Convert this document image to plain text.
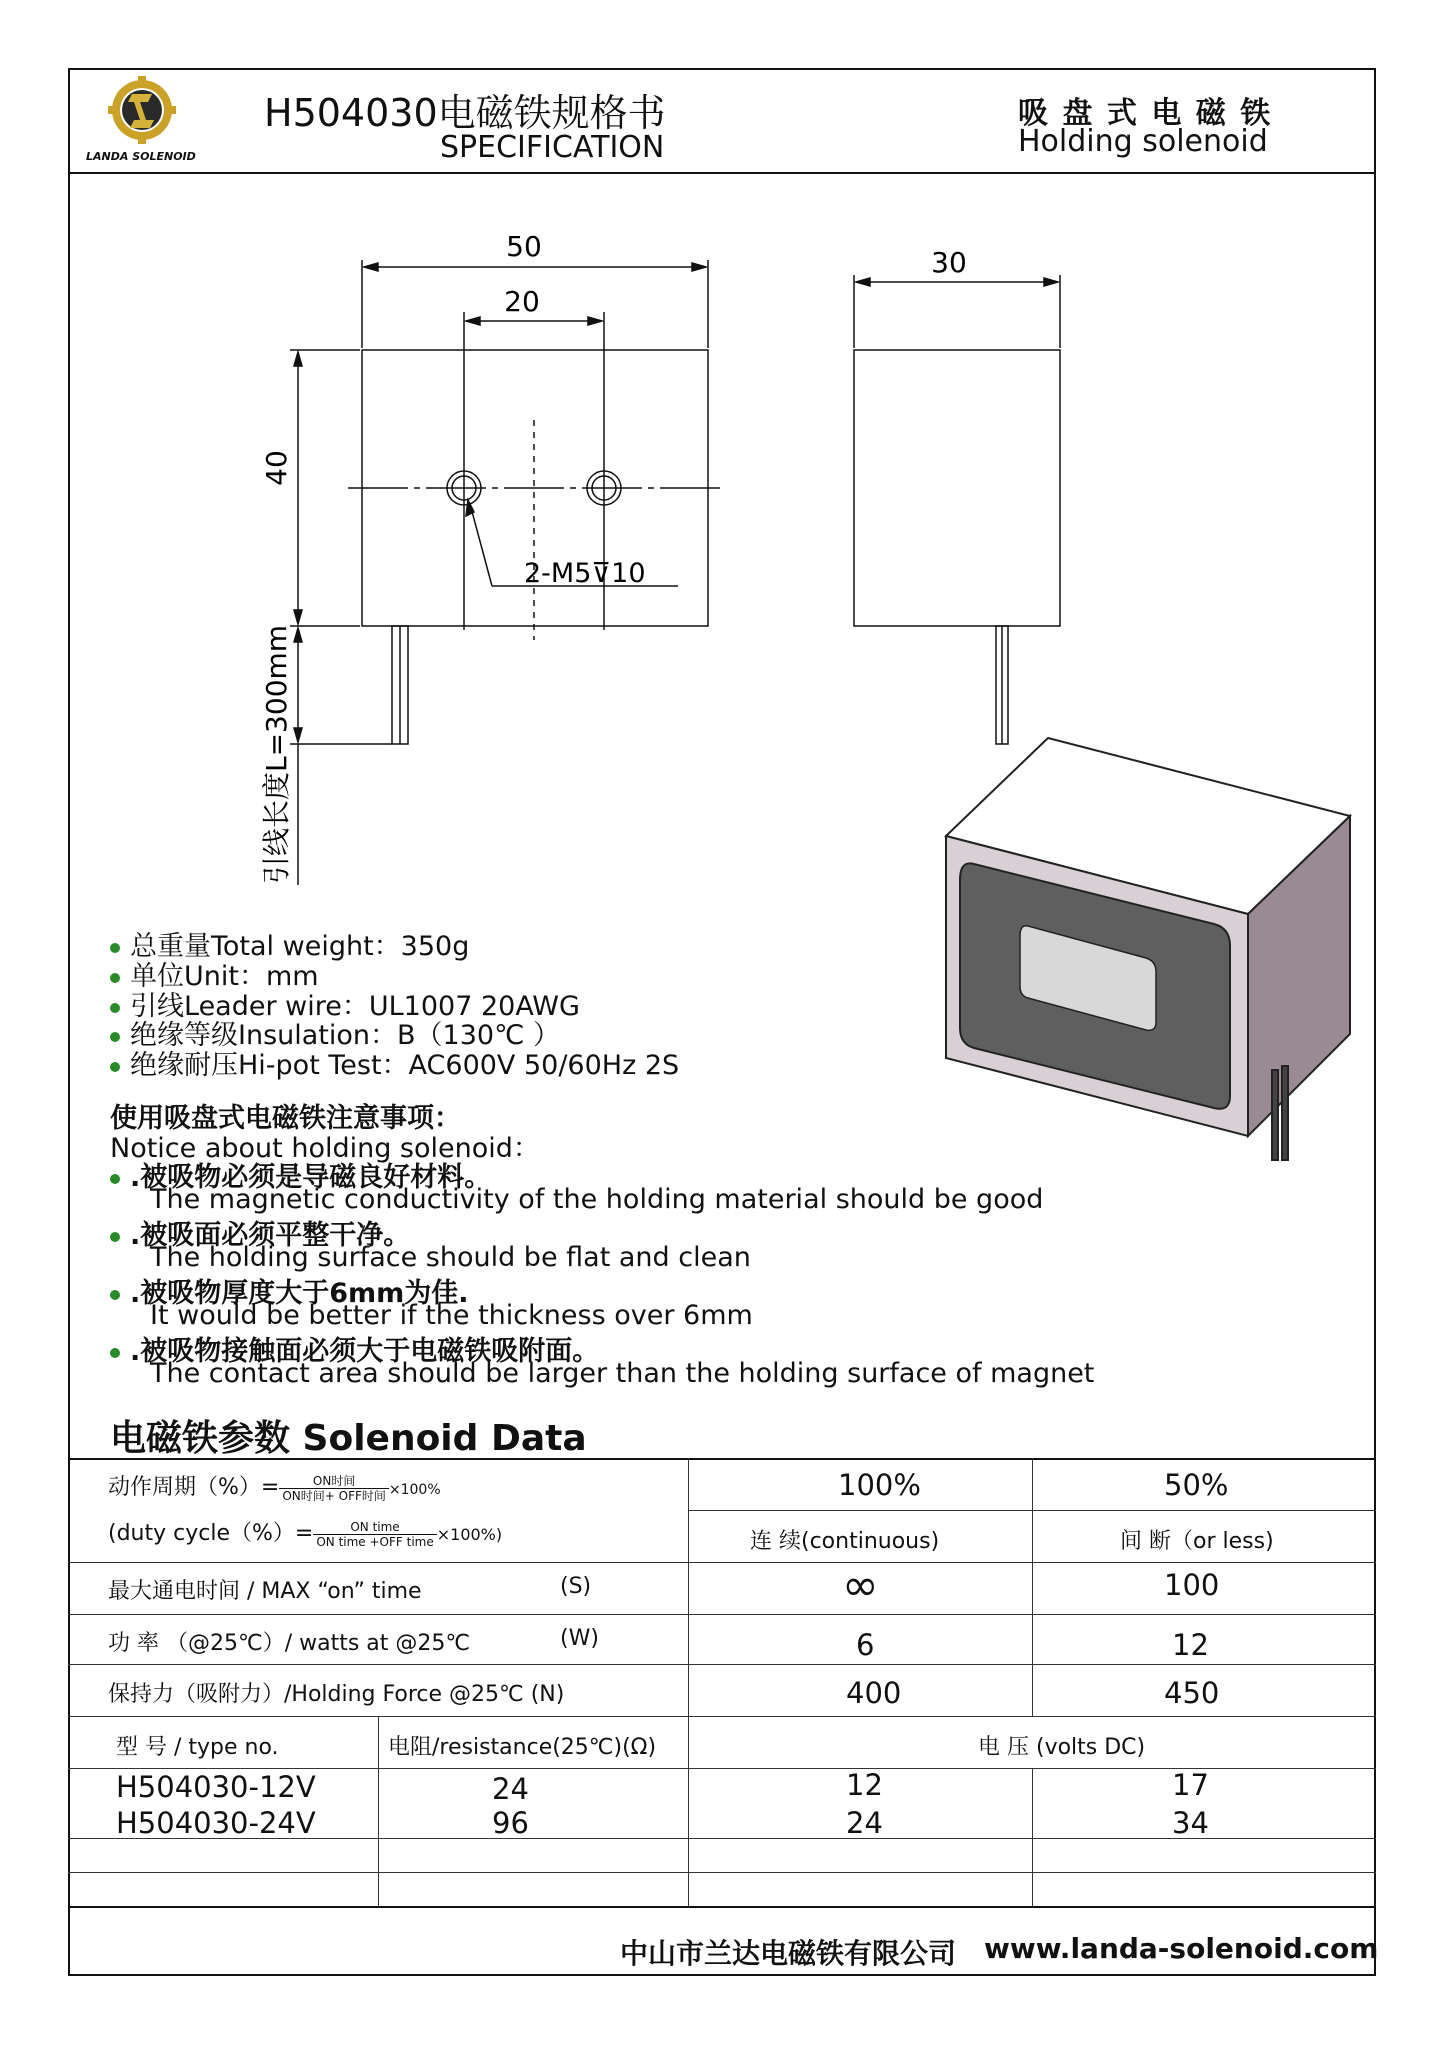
LANDA SOLENOID
H504030电磁铁规格书
SPECIFICATION
吸 盘 式 电 磁 铁
Holding solenoid
50
20
40
30
2-M5⊽10
引线长度L=300mm
总重量Total weight：350g
单位Unit：mm
引线Leader wire：UL1007 20AWG
绝缘等级Insulation：B（130℃ ）
绝缘耐压Hi-pot Test：AC600V 50/60Hz 2S
使用吸盘式电磁铁注意事项：
Notice about holding solenoid：
.被吸物必须是导磁良好材料。
The magnetic conductivity of the holding material should be good
.被吸面必须平整干净。
The holding surface should be flat and clean
.被吸物厚度大于6mm为佳.
It would be better if the thickness over 6mm
.被吸物接触面必须大于电磁铁吸附面。
The contact area should be larger than the holding surface of magnet
电磁铁参数 Solenoid Data
动作周期（%）= $\frac{\text{ON时间}}{\text{ON时间+ OFF时间}} \times 100\%$
(duty cycle（%）= $\frac{\text{ON time}}{\text{ON time +OFF time}} \times 100\%$)
100%	50%
连 续(continuous)	间 断（or less)
最大通电时间 / MAX “on” time	(S)	∞	100
功 率 （@25℃）/ watts at @25℃	(W)	6	12
保持力（吸附力）/Holding Force @25℃ (N)	400	450
型 号 / type no.	电阻/resistance(25℃)(Ω)	电 压 (volts DC)
H504030-12V	24	12	17
H504030-24V	96	24	34
中山市兰达电磁铁有限公司 www.landa-solenoid.com
